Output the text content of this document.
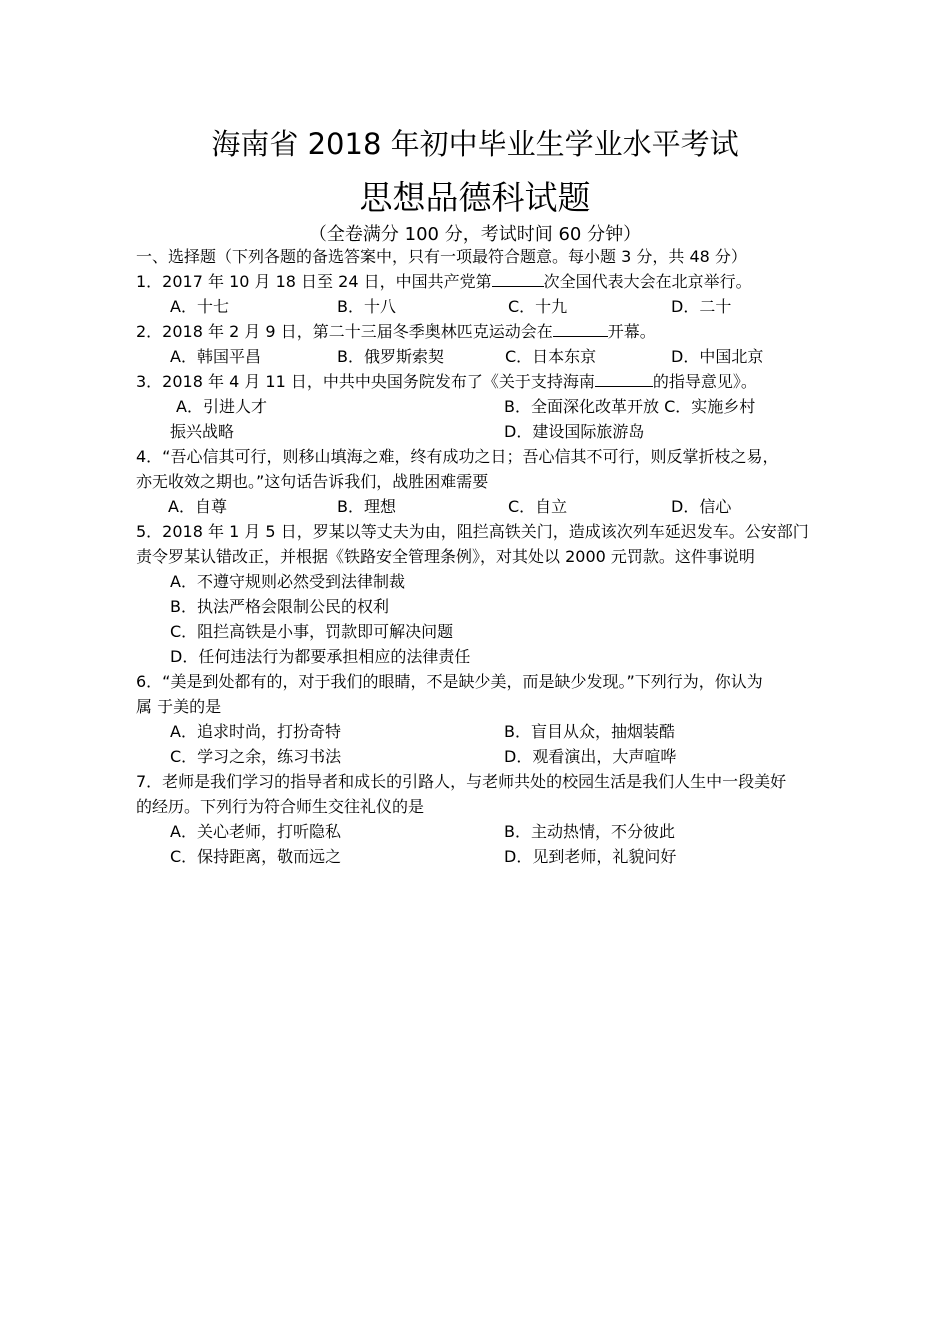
海南省 2018 年初中毕业生学业水平考试
思想品德科试题
（全卷满分 100 分，考试时间 60 分钟）
一、选择题（下列各题的备选答案中，只有一项最符合题意。每小题 3 分，共 48 分）
1．2017 年 10 月 18 日至 24 日，中国共产党第	次全国代表大会在北京举行。
A．十七	B．十八	C．十九	D．二十
2．2018 年 2 月 9 日，第二十三届冬季奥林匹克运动会在	开幕。
A．韩国平昌	B．俄罗斯索契	C．日本东京	D．中国北京
3．2018 年 4 月 11 日，中共中央国务院发布了《关于支持海南	的指导意见》。
A．引进人才	B．全面深化改革开放 C．实施乡村
振兴战略	D．建设国际旅游岛
4．“吾心信其可行，则移山填海之难，终有成功之日；吾心信其不可行，则反掌折枝之易，
亦无收效之期也。”这句话告诉我们，战胜困难需要
A．自尊	B．理想	C．自立	D．信心
5．2018 年 1 月 5 日，罗某以等丈夫为由，阻拦高铁关门，造成该次列车延迟发车。公安部门
责令罗某认错改正，并根据《铁路安全管理条例》，对其处以 2000 元罚款。这件事说明
A．不遵守规则必然受到法律制裁
B．执法严格会限制公民的权利
C．阻拦高铁是小事，罚款即可解决问题
D．任何违法行为都要承担相应的法律责任
6．“美是到处都有的，对于我们的眼睛，不是缺少美，而是缺少发现。”下列行为，你认为
属 于美的是
A．追求时尚，打扮奇特	B．盲目从众，抽烟装酷
C．学习之余，练习书法	D．观看演出，大声喧哗
7．老师是我们学习的指导者和成长的引路人，与老师共处的校园生活是我们人生中一段美好
的经历。下列行为符合师生交往礼仪的是
A．关心老师，打听隐私	B．主动热情，不分彼此
C．保持距离，敬而远之	D．见到老师，礼貌问好
